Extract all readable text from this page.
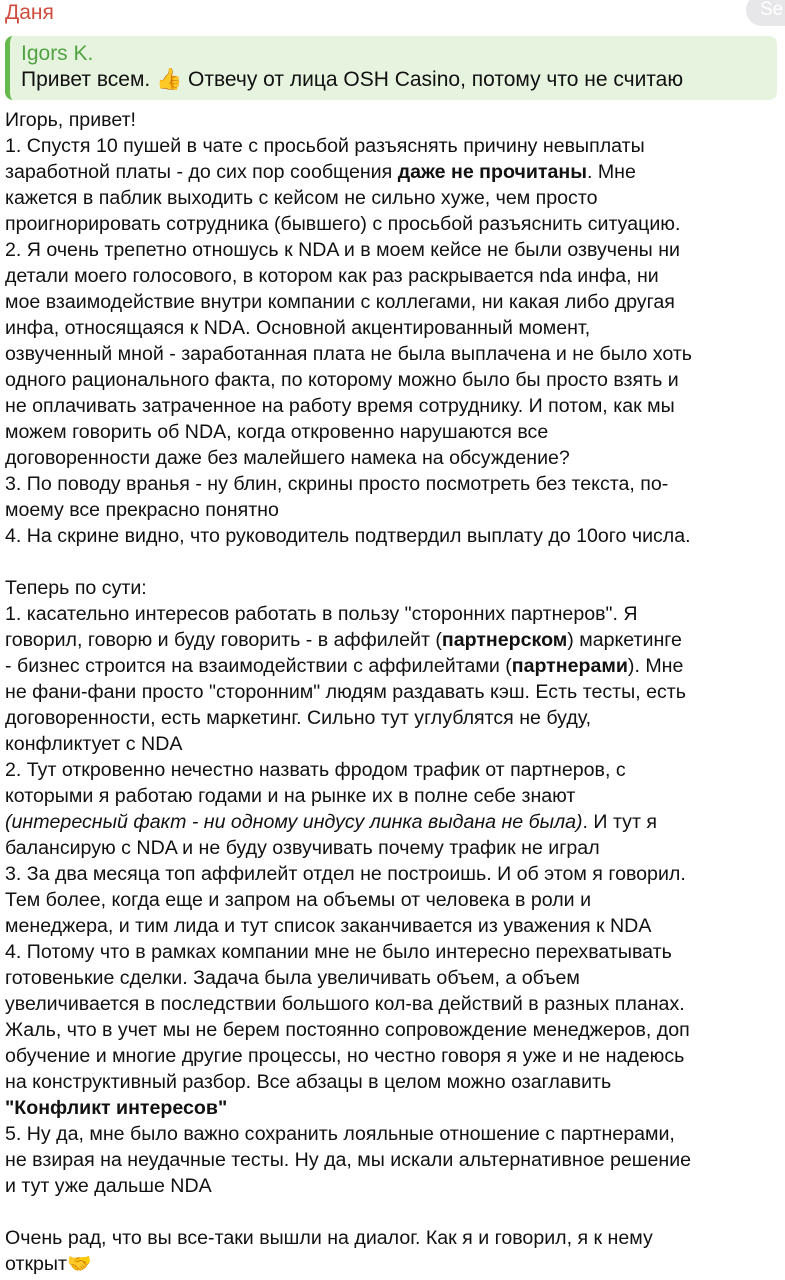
Даня	Se
Igors K.
Привет всем. 👍 Отвечу от лица OSH Casino, потому что не считаю
Игорь, привет!
1. Спустя 10 пушей в чате с просьбой разъяснять причину невыплаты
заработной платы - до сих пор сообщения даже не прочитаны. Мне
кажется в паблик выходить с кейсом не сильно хуже, чем просто
проигнорировать сотрудника (бывшего) с просьбой разъяснить ситуацию.
2. Я очень трепетно отношусь к NDA и в моем кейсе не были озвучены ни
детали моего голосового, в котором как раз раскрывается nda инфа, ни
мое взаимодействие внутри компании с коллегами, ни какая либо другая
инфа, относящаяся к NDA. Основной акцентированный момент,
озвученный мной - заработанная плата не была выплачена и не было хоть
одного рационального факта, по которому можно было бы просто взять и
не оплачивать затраченное на работу время сотруднику. И потом, как мы
можем говорить об NDA, когда откровенно нарушаются все
договоренности даже без малейшего намека на обсуждение?
3. По поводу вранья - ну блин, скрины просто посмотреть без текста, по-
моему все прекрасно понятно
4. На скрине видно, что руководитель подтвердил выплату до 10ого числа.
Теперь по сути:
1. касательно интересов работать в пользу "сторонних партнеров". Я
говорил, говорю и буду говорить - в аффилейт (партнерском) маркетинге
- бизнес строится на взаимодействии с аффилейтами (партнерами). Мне
не фани-фани просто "сторонним" людям раздавать кэш. Есть тесты, есть
договоренности, есть маркетинг. Сильно тут углублятся не буду,
конфликтует с NDA
2. Тут откровенно нечестно назвать фродом трафик от партнеров, с
которыми я работаю годами и на рынке их в полне себе знают
(интересный факт - ни одному индусу линка выдана не была). И тут я
балансирую с NDA и не буду озвучивать почему трафик не играл
3. За два месяца топ аффилейт отдел не построишь. И об этом я говорил.
Тем более, когда еще и запром на объемы от человека в роли и
менеджера, и тим лида и тут список заканчивается из уважения к NDA
4. Потому что в рамках компании мне не было интересно перехватывать
готовенькие сделки. Задача была увеличивать объем, а объем
увеличивается в последствии большого кол-ва действий в разных планах.
Жаль, что в учет мы не берем постоянно сопровождение менеджеров, доп
обучение и многие другие процессы, но честно говоря я уже и не надеюсь
на конструктивный разбор. Все абзацы в целом можно озаглавить
"Конфликт интересов"
5. Ну да, мне было важно сохранить лояльные отношение с партнерами,
не взирая на неудачные тесты. Ну да, мы искали альтернативное решение
и тут уже дальше NDA
Очень рад, что вы все-таки вышли на диалог. Как я и говорил, я к нему
открыт🤝
